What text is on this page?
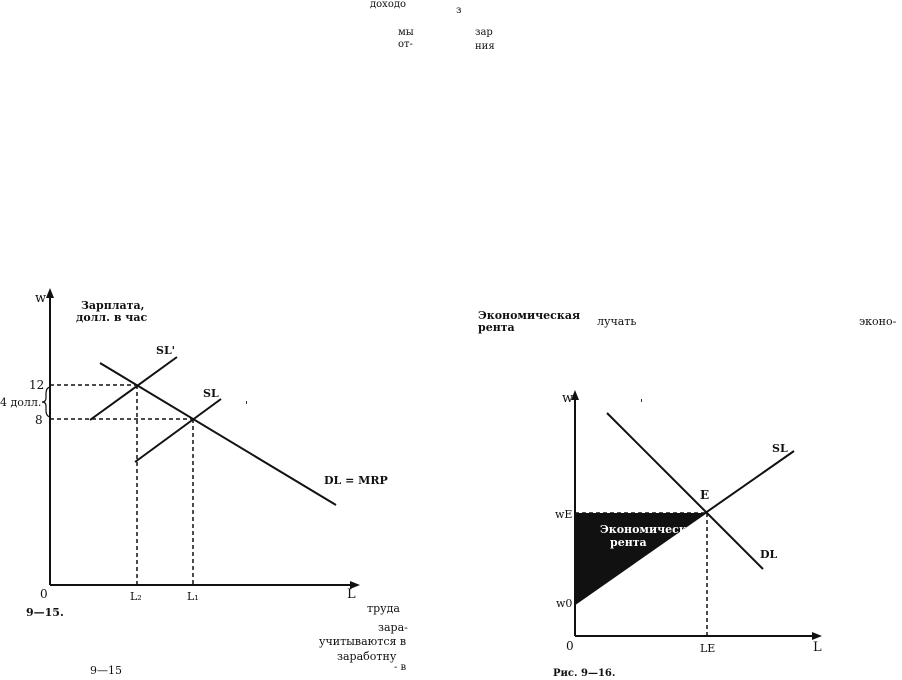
доходо
з
мы	зар
от-	ния
Экономическая
рента	лучать	эконо-
'	'
труда
зара-
учитываются в
заработну
- в
9—15
9—15.
Рис. 9—16.
w	Зарплата,
долл. в час
12
8
4 долл.
SL'
SL
DL = MRP
0	L₂	L₁	L
w
wE
w0
E
SL
DL
Экономическая
рента
0	LE	L
